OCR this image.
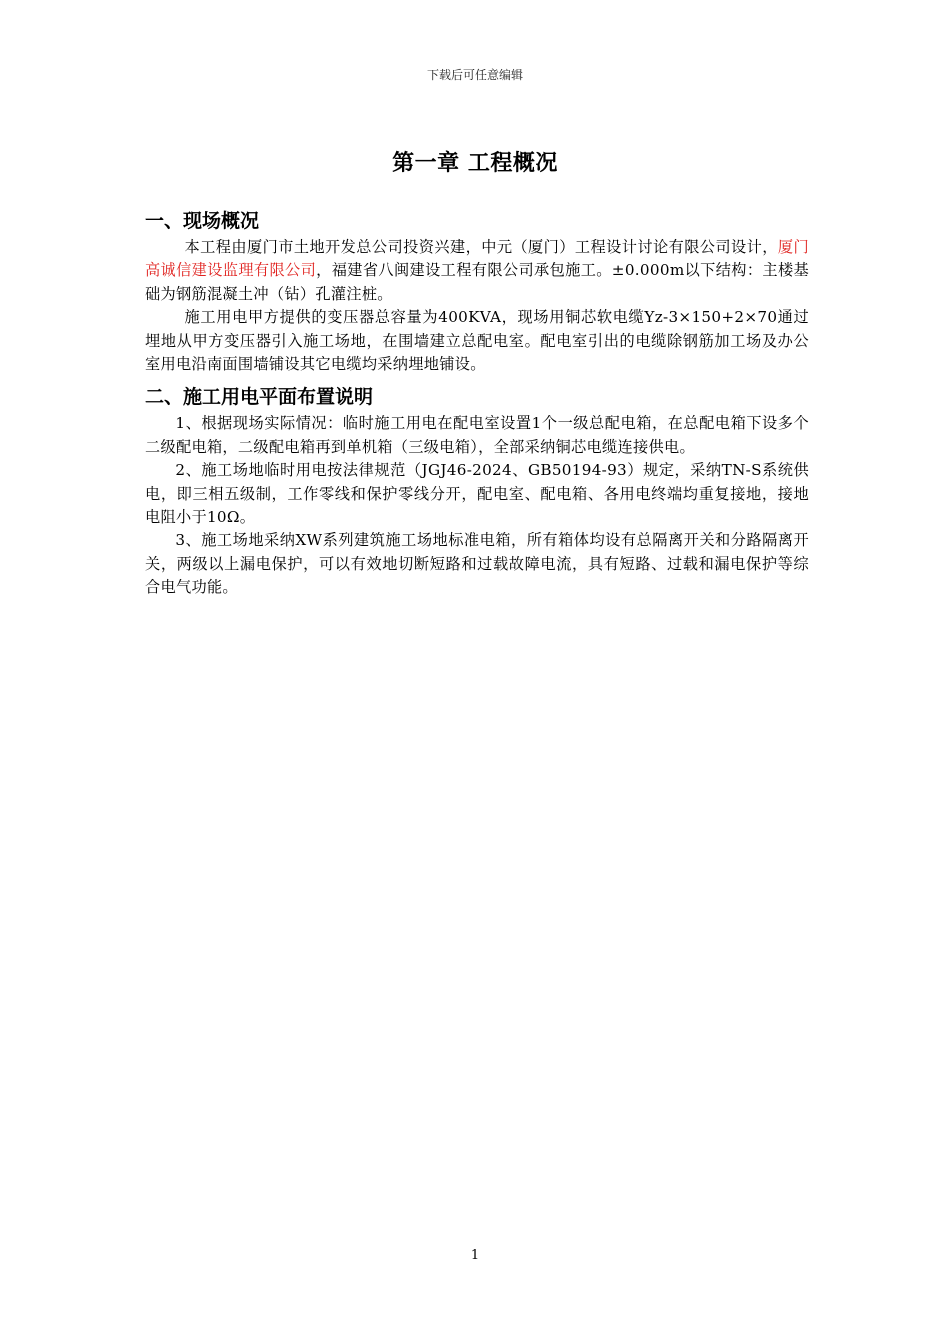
下载后可任意编辑
第一章 工程概况
一、现场概况

本工程由厦门市土地开发总公司投资兴建，中元（厦门）工程设计讨论有限公司设计，厦门高诚信建设监理有限公司，福建省八闽建设工程有限公司承包施工。±0.000m以下结构：主楼基础为钢筋混凝土冲（钻）孔灌注桩。

施工用电甲方提供的变压器总容量为400KVA，现场用铜芯软电缆Yz-3×150+2×70通过埋地从甲方变压器引入施工场地，在围墙建立总配电室。配电室引出的电缆除钢筋加工场及办公室用电沿南面围墙铺设其它电缆均采纳埋地铺设。

二、施工用电平面布置说明

1、根据现场实际情况：临时施工用电在配电室设置1个一级总配电箱，在总配电箱下设多个二级配电箱，二级配电箱再到单机箱（三级电箱），全部采纳铜芯电缆连接供电。

2、施工场地临时用电按法律规范（JGJ46-2024、GB50194-93）规定，采纳TN-S系统供电，即三相五级制，工作零线和保护零线分开，配电室、配电箱、各用电终端均重复接地，接地电阻小于10Ω。

3、施工场地采纳XW系列建筑施工场地标准电箱，所有箱体均设有总隔离开关和分路隔离开关，两级以上漏电保护，可以有效地切断短路和过载故障电流，具有短路、过载和漏电保护等综合电气功能。

1
